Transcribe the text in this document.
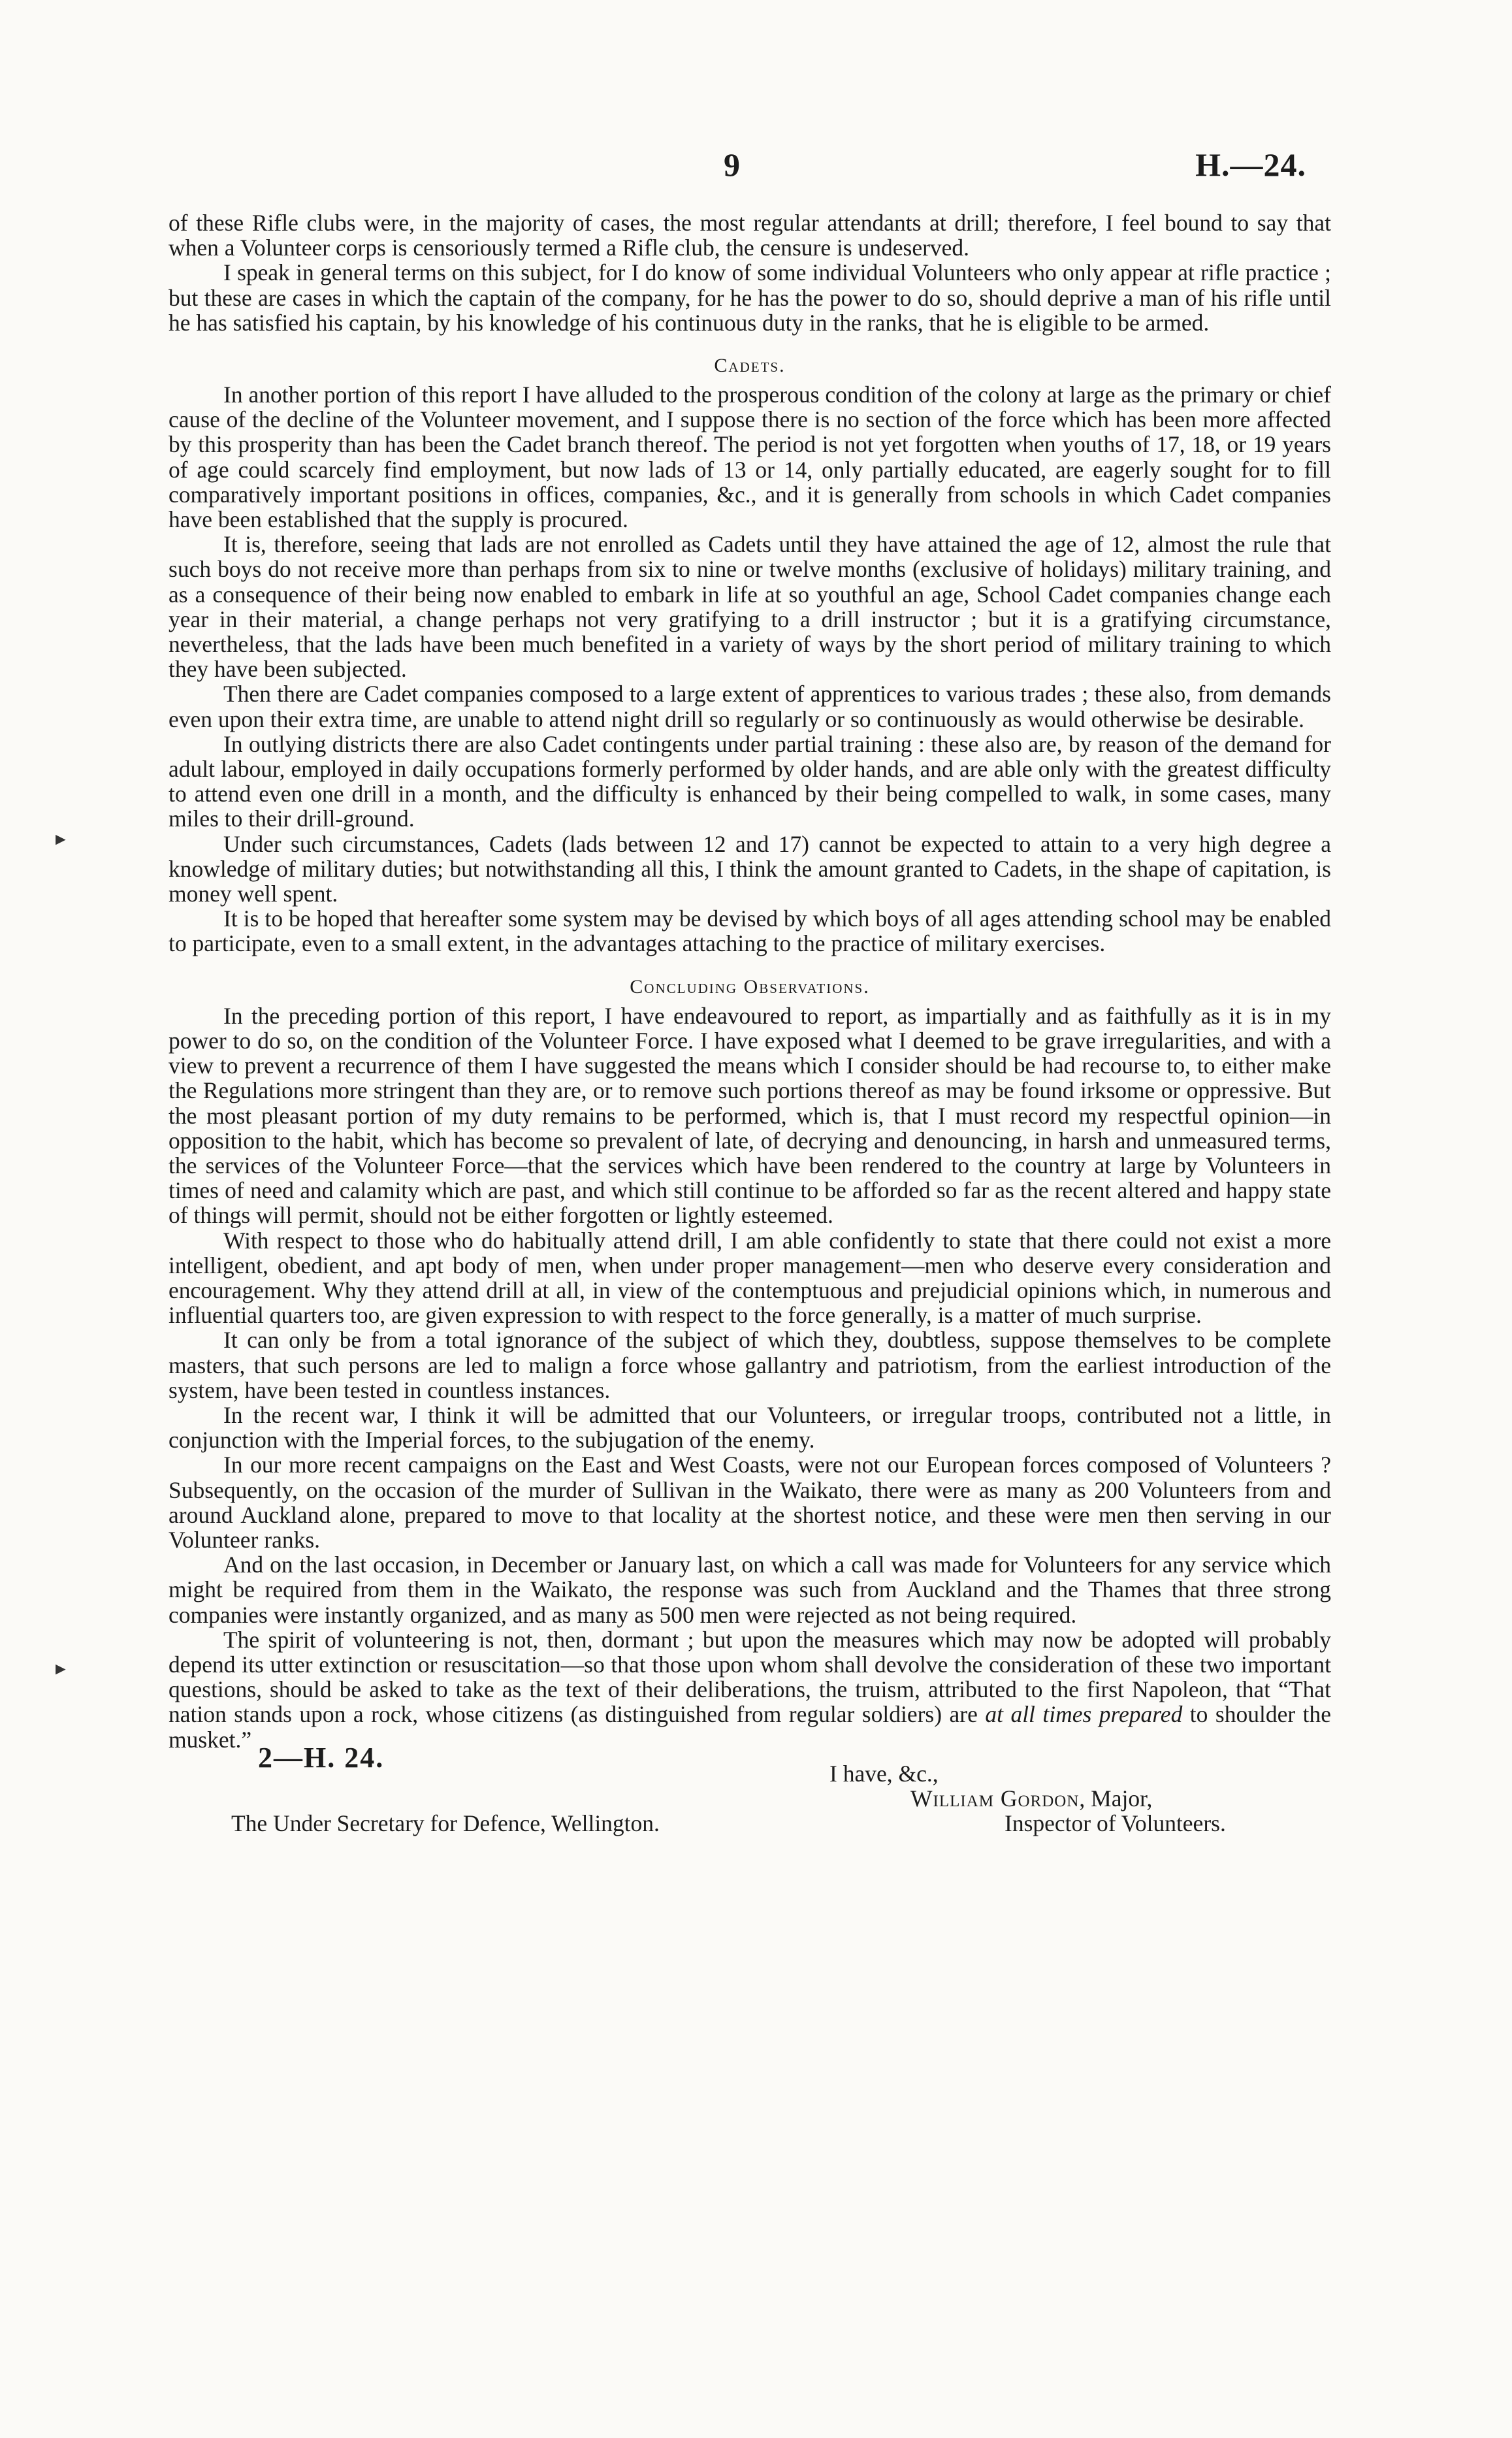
9	H.—24.

of these Rifle clubs were, in the majority of cases, the most regular attendants at drill; therefore, I feel bound to say that when a Volunteer corps is censoriously termed a Rifle club, the censure is undeserved.

I speak in general terms on this subject, for I do know of some individual Volunteers who only appear at rifle practice ; but these are cases in which the captain of the company, for he has the power to do so, should deprive a man of his rifle until he has satisfied his captain, by his knowledge of his continuous duty in the ranks, that he is eligible to be armed.

Cadets.

In another portion of this report I have alluded to the prosperous condition of the colony at large as the primary or chief cause of the decline of the Volunteer movement, and I suppose there is no section of the force which has been more affected by this prosperity than has been the Cadet branch thereof. The period is not yet forgotten when youths of 17, 18, or 19 years of age could scarcely find employment, but now lads of 13 or 14, only partially educated, are eagerly sought for to fill comparatively important positions in offices, companies, &c., and it is generally from schools in which Cadet companies have been established that the supply is procured.

It is, therefore, seeing that lads are not enrolled as Cadets until they have attained the age of 12, almost the rule that such boys do not receive more than perhaps from six to nine or twelve months (exclusive of holidays) military training, and as a consequence of their being now enabled to embark in life at so youthful an age, School Cadet companies change each year in their material, a change perhaps not very gratifying to a drill instructor ; but it is a gratifying circumstance, nevertheless, that the lads have been much benefited in a variety of ways by the short period of military training to which they have been subjected.

Then there are Cadet companies composed to a large extent of apprentices to various trades ; these also, from demands even upon their extra time, are unable to attend night drill so regularly or so continuously as would otherwise be desirable.

In outlying districts there are also Cadet contingents under partial training : these also are, by reason of the demand for adult labour, employed in daily occupations formerly performed by older hands, and are able only with the greatest difficulty to attend even one drill in a month, and the difficulty is enhanced by their being compelled to walk, in some cases, many miles to their drill-ground.

Under such circumstances, Cadets (lads between 12 and 17) cannot be expected to attain to a very high degree a knowledge of military duties; but notwithstanding all this, I think the amount granted to Cadets, in the shape of capitation, is money well spent.

It is to be hoped that hereafter some system may be devised by which boys of all ages attending school may be enabled to participate, even to a small extent, in the advantages attaching to the practice of military exercises.

Concluding Observations.

In the preceding portion of this report, I have endeavoured to report, as impartially and as faithfully as it is in my power to do so, on the condition of the Volunteer Force. I have exposed what I deemed to be grave irregularities, and with a view to prevent a recurrence of them I have suggested the means which I consider should be had recourse to, to either make the Regulations more stringent than they are, or to remove such portions thereof as may be found irksome or oppressive. But the most pleasant portion of my duty remains to be performed, which is, that I must record my respectful opinion—in opposition to the habit, which has become so prevalent of late, of decrying and denouncing, in harsh and unmeasured terms, the services of the Volunteer Force—that the services which have been rendered to the country at large by Volunteers in times of need and calamity which are past, and which still continue to be afforded so far as the recent altered and happy state of things will permit, should not be either forgotten or lightly esteemed.

With respect to those who do habitually attend drill, I am able confidently to state that there could not exist a more intelligent, obedient, and apt body of men, when under proper management—men who deserve every consideration and encouragement. Why they attend drill at all, in view of the contemptuous and prejudicial opinions which, in numerous and influential quarters too, are given expression to with respect to the force generally, is a matter of much surprise.

It can only be from a total ignorance of the subject of which they, doubtless, suppose themselves to be complete masters, that such persons are led to malign a force whose gallantry and patriotism, from the earliest introduction of the system, have been tested in countless instances.

In the recent war, I think it will be admitted that our Volunteers, or irregular troops, contributed not a little, in conjunction with the Imperial forces, to the subjugation of the enemy.

In our more recent campaigns on the East and West Coasts, were not our European forces composed of Volunteers ? Subsequently, on the occasion of the murder of Sullivan in the Waikato, there were as many as 200 Volunteers from and around Auckland alone, prepared to move to that locality at the shortest notice, and these were men then serving in our Volunteer ranks.

And on the last occasion, in December or January last, on which a call was made for Volunteers for any service which might be required from them in the Waikato, the response was such from Auckland and the Thames that three strong companies were instantly organized, and as many as 500 men were rejected as not being required.

The spirit of volunteering is not, then, dormant ; but upon the measures which may now be adopted will probably depend its utter extinction or resuscitation—so that those upon whom shall devolve the consideration of these two important questions, should be asked to take as the text of their deliberations, the truism, attributed to the first Napoleon, that “That nation stands upon a rock, whose citizens (as distinguished from regular soldiers) are at all times prepared to shoulder the musket.”

I have, &c.,
William Gordon, Major,
Inspector of Volunteers.
The Under Secretary for Defence, Wellington.
2—H. 24.
►
►
